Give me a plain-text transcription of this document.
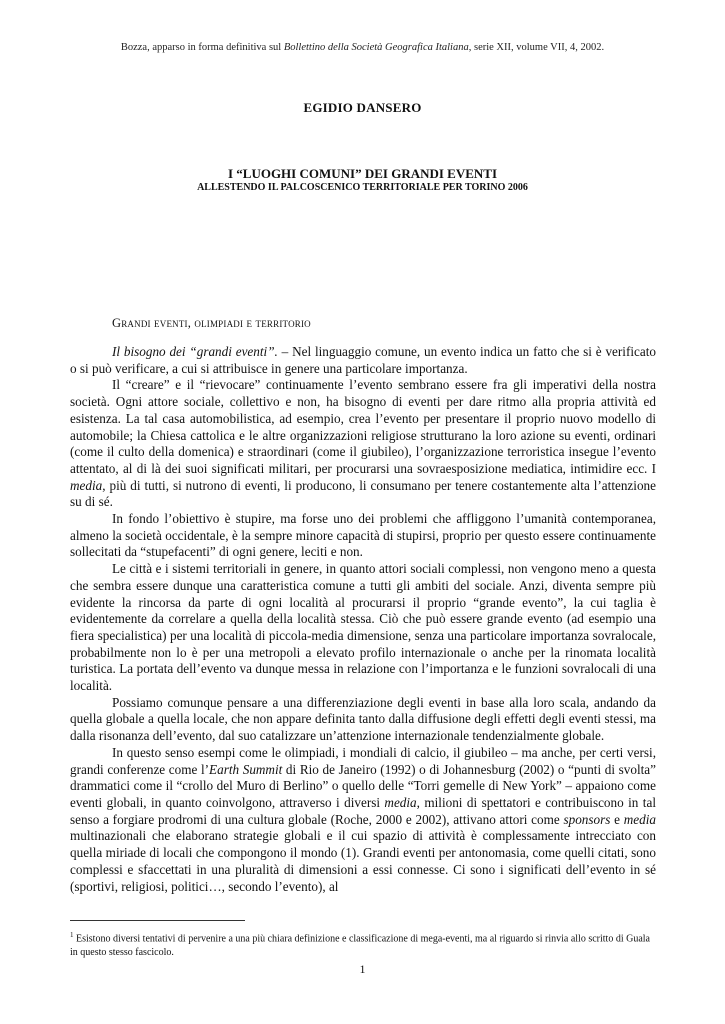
Bozza, apparso in forma definitiva sul Bollettino della Società Geografica Italiana, serie XII, volume VII, 4, 2002.
EGIDIO DANSERO
I “LUOGHI COMUNI” DEI GRANDI EVENTI
ALLESTENDO IL PALCOSCENICO TERRITORIALE PER TORINO 2006
Grandi eventi, olimpiadi e territorio

Il bisogno dei “grandi eventi”. – Nel linguaggio comune, un evento indica un fatto che si è verificato o si può verificare, a cui si attribuisce in genere una particolare importanza.

Il “creare” e il “rievocare” continuamente l’evento sembrano essere fra gli imperativi della nostra società. Ogni attore sociale, collettivo e non, ha bisogno di eventi per dare ritmo alla propria attività ed esistenza. La tal casa automobilistica, ad esempio, crea l’evento per presentare il proprio nuovo modello di automobile; la Chiesa cattolica e le altre organizzazioni religiose strutturano la loro azione su eventi, ordinari (come il culto della domenica) e straordinari (come il giubileo), l’organizzazione terroristica insegue l’evento attentato, al di là dei suoi significati militari, per procurarsi una sovraesposizione mediatica, intimidire ecc. I media, più di tutti, si nutrono di eventi, li producono, li consumano per tenere costantemente alta l’attenzione su di sé.

In fondo l’obiettivo è stupire, ma forse uno dei problemi che affliggono l’umanità contemporanea, almeno la società occidentale, è la sempre minore capacità di stupirsi, proprio per questo essere continuamente sollecitati da “stupefacenti” di ogni genere, leciti e non.

Le città e i sistemi territoriali in genere, in quanto attori sociali complessi, non vengono meno a questa che sembra essere dunque una caratteristica comune a tutti gli ambiti del sociale. Anzi, diventa sempre più evidente la rincorsa da parte di ogni località al procurarsi il proprio “grande evento”, la cui taglia è evidentemente da correlare a quella della località stessa. Ciò che può essere grande evento (ad esempio una fiera specialistica) per una località di piccola-media dimensione, senza una particolare importanza sovralocale, probabilmente non lo è per una metropoli a elevato profilo internazionale o anche per la rinomata località turistica. La portata dell’evento va dunque messa in relazione con l’importanza e le funzioni sovralocali di una località.

Possiamo comunque pensare a una differenziazione degli eventi in base alla loro scala, andando da quella globale a quella locale, che non appare definita tanto dalla diffusione degli effetti degli eventi stessi, ma dalla risonanza dell’evento, dal suo catalizzare un’attenzione internazionale tendenzialmente globale.

In questo senso esempi come le olimpiadi, i mondiali di calcio, il giubileo – ma anche, per certi versi, grandi conferenze come l’Earth Summit di Rio de Janeiro (1992) o di Johannesburg (2002) o “punti di svolta” drammatici come il “crollo del Muro di Berlino” o quello delle “Torri gemelle di New York” – appaiono come eventi globali, in quanto coinvolgono, attraverso i diversi media, milioni di spettatori e contribuiscono in tal senso a forgiare prodromi di una cultura globale (Roche, 2000 e 2002), attivano attori come sponsors e media multinazionali che elaborano strategie globali e il cui spazio di attività è complessamente intrecciato con quella miriade di locali che compongono il mondo (1). Grandi eventi per antonomasia, come quelli citati, sono complessi e sfaccettati in una pluralità di dimensioni a essi connesse. Ci sono i significati dell’evento in sé (sportivi, religiosi, politici…, secondo l’evento), al

$^1$ Esistono diversi tentativi di pervenire a una più chiara definizione e classificazione di mega-eventi, ma al riguardo si rinvia allo scritto di Guala in questo stesso fascicolo.
1
